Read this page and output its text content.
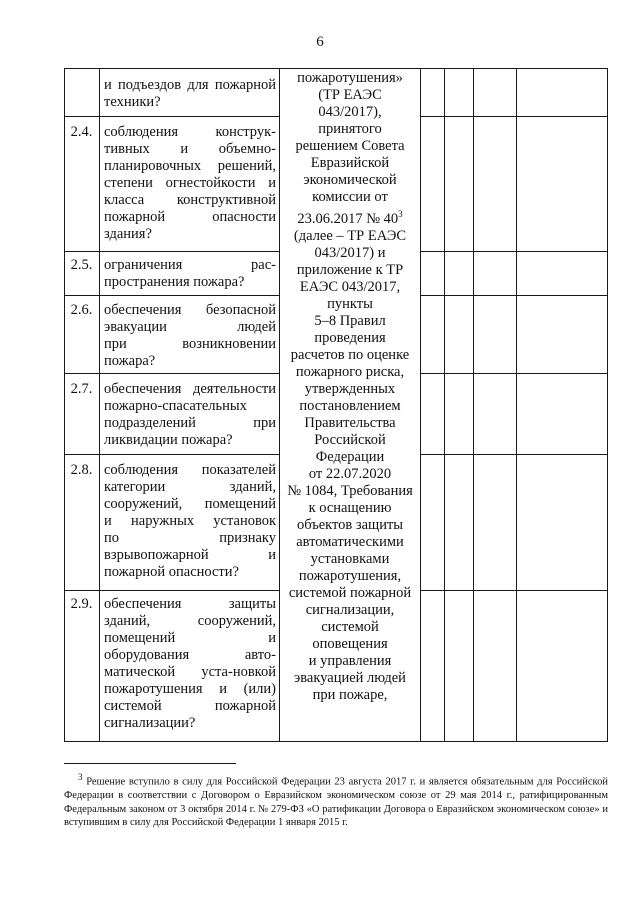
6
и подъездов для пожарной
техники?
2.4. соблюдения конструк-
тивных и объемно-
планировочных решений,
степени огнестойкости и
класса конструктивной
пожарной опасности
здания?
2.5. ограничения рас-
пространения пожара?
2.6. обеспечения безопасной
эвакуации людей
при возникновении
пожара?
2.7. обеспечения деятельности
пожарно-спасательных
подразделений при
ликвидации пожара?
2.8. соблюдения показателей
категории зданий,
сооружений, помещений
и наружных установок
по признаку
взрывопожарной и
пожарной опасности?
2.9. обеспечения защиты
зданий, сооружений,
помещений и
оборудования авто-
матической уста-новкой
пожаротушения и (или)
системой пожарной
сигнализации?
пожаротушения»
(ТР ЕАЭС
043/2017),
принятого
решением Совета
Евразийской
экономической
комиссии от
23.06.2017 № $40^3$
(далее – ТР ЕАЭС
043/2017) и
приложение к ТР
ЕАЭС 043/2017,
пункты
5–8 Правил
проведения
расчетов по оценке
пожарного риска,
утвержденных
постановлением
Правительства
Российской
Федерации
от 22.07.2020
№ 1084, Требования
к оснащению
объектов защиты
автоматическими
установками
пожаротушения,
системой пожарной
сигнализации,
системой
оповещения
и управления
эвакуацией людей
при пожаре,
$^3$ Решение вступило в силу для Российской Федерации 23 августа 2017 г. и является обязательным для Российской Федерации в соответствии с Договором о Евразийском экономическом союзе от 29 мая 2014 г., ратифицированным Федеральным законом от 3 октября 2014 г. № 279-ФЗ «О ратификации Договора о Евразийском экономическом союзе» и вступившим в силу для Российской Федерации 1 января 2015 г.
